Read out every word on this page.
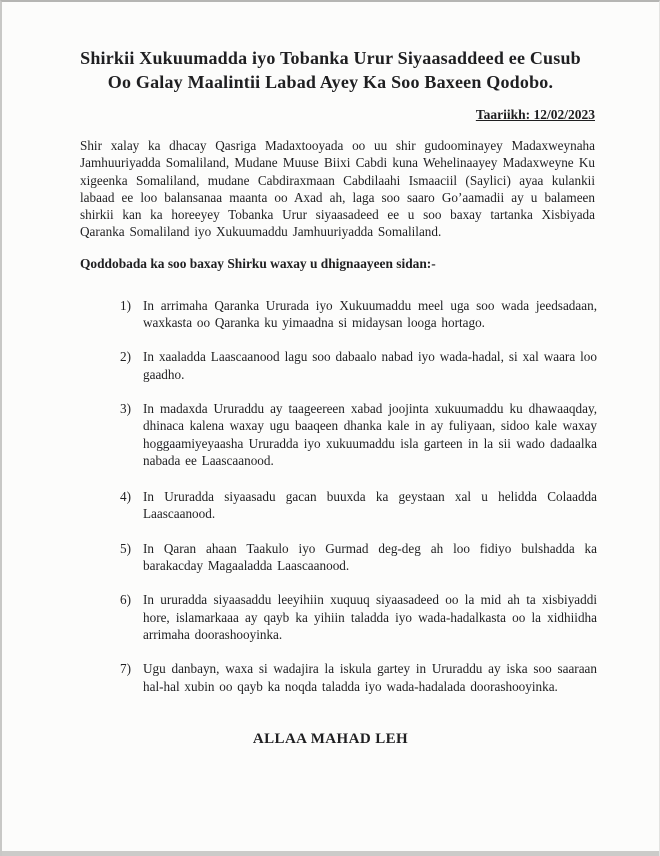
Shirkii Xukuumadda iyo Tobanka Urur Siyaasaddeed ee Cusub
Oo Galay Maalintii Labad Ayey Ka Soo Baxeen Qodobo.
Taariikh: 12/02/2023

Shir xalay ka dhacay Qasriga Madaxtooyada oo uu shir gudoominayey Madaxweynaha Jamhuuriyadda Somaliland, Mudane Muuse Biixi Cabdi kuna Wehelinaayey Madaxweyne Ku xigeenka Somaliland, mudane Cabdiraxmaan Cabdilaahi Ismaaciil (Saylici) ayaa kulankii labaad ee loo balansanaa maanta oo Axad ah, laga soo saaro Go’aamadii ay u balameen shirkii kan ka horeeyey Tobanka Urur siyaasadeed ee u soo baxay tartanka Xisbiyada Qaranka Somaliland iyo Xukuumaddu Jamhuuriyadda Somaliland.

Qoddobada ka soo baxay Shirku waxay u dhignaayeen sidan:-

1) In arrimaha Qaranka Ururada iyo Xukuumaddu meel uga soo wada jeedsadaan, waxkasta oo Qaranka ku yimaadna si midaysan looga hortago.
2) In xaaladda Laascaanood lagu soo dabaalo nabad iyo wada-hadal, si xal waara loo gaadho.
3) In madaxda Ururaddu ay taageereen xabad joojinta xukuumaddu ku dhawaaqday, dhinaca kalena waxay ugu baaqeen dhanka kale in ay fuliyaan, sidoo kale waxay hoggaamiyeyaasha Ururadda iyo xukuumaddu isla garteen in la sii wado dadaalka nabada ee Laascaanood.
4) In Ururadda siyaasadu gacan buuxda ka geystaan xal u helidda Colaadda Laascaanood.
5) In Qaran ahaan Taakulo iyo Gurmad deg-deg ah loo fidiyo bulshadda ka barakacday Magaaladda Laascaanood.
6) In ururadda siyaasaddu leeyihiin xuquuq siyaasadeed oo la mid ah ta xisbiyaddi hore, islamarkaaa ay qayb ka yihiin taladda iyo wada-hadalkasta oo la xidhiidha arrimaha doorashooyinka.
7) Ugu danbayn, waxa si wadajira la iskula gartey in Ururaddu ay iska soo saaraan hal-hal xubin oo qayb ka noqda taladda iyo wada-hadalada doorashooyinka.

ALLAA MAHAD LEH
